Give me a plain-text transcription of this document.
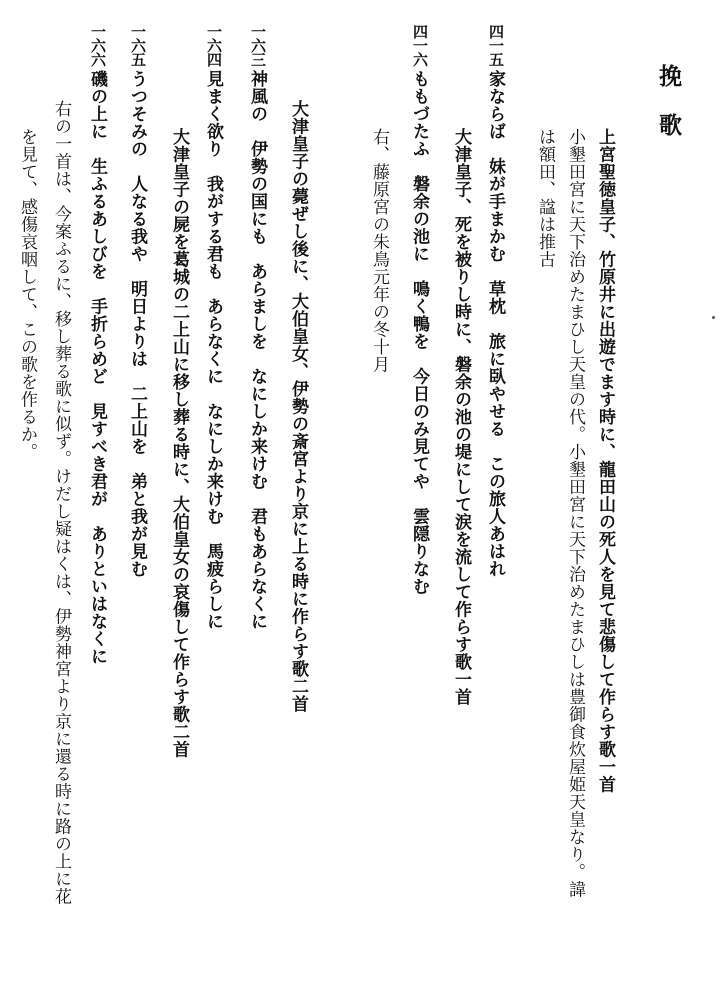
挽歌
上宮聖徳皇子、竹原井に出遊でます時に、龍田山の死人を見て悲傷して作らす歌一首
小墾田宮に天下治めたまひし天皇の代。小墾田宮に天下治めたまひしは豊御食炊屋姫天皇なり。諱
は額田、諡は推古
四一五
家ならば　妹が手まかむ　草枕　旅に臥やせる　この旅人あはれ
大津皇子、死を被りし時に、磐余の池の堤にして涙を流して作らす歌一首
四一六
ももづたふ　磐余の池に　鳴く鴨を　今日のみ見てや　雲隠りなむ
右、藤原宮の朱鳥元年の冬十月
大津皇子の薨ぜし後に、大伯皇女、伊勢の斎宮より京に上る時に作らす歌二首
一六三
神風の　伊勢の国にも　あらましを　なにしか来けむ　君もあらなくに
一六四
見まく欲り　我がする君も　あらなくに　なにしか来けむ　馬疲らしに
大津皇子の屍を葛城の二上山に移し葬る時に、大伯皇女の哀傷して作らす歌二首
一六五
うつそみの　人なる我や　明日よりは　二上山を　弟と我が見む
一六六
磯の上に　生ふるあしびを　手折らめど　見すべき君が　ありといはなくに
右の一首は、今案ふるに、移し葬る歌に似ず。けだし疑はくは、伊勢神宮より京に還る時に路の上に花
を見て、感傷哀咽して、この歌を作るか。
